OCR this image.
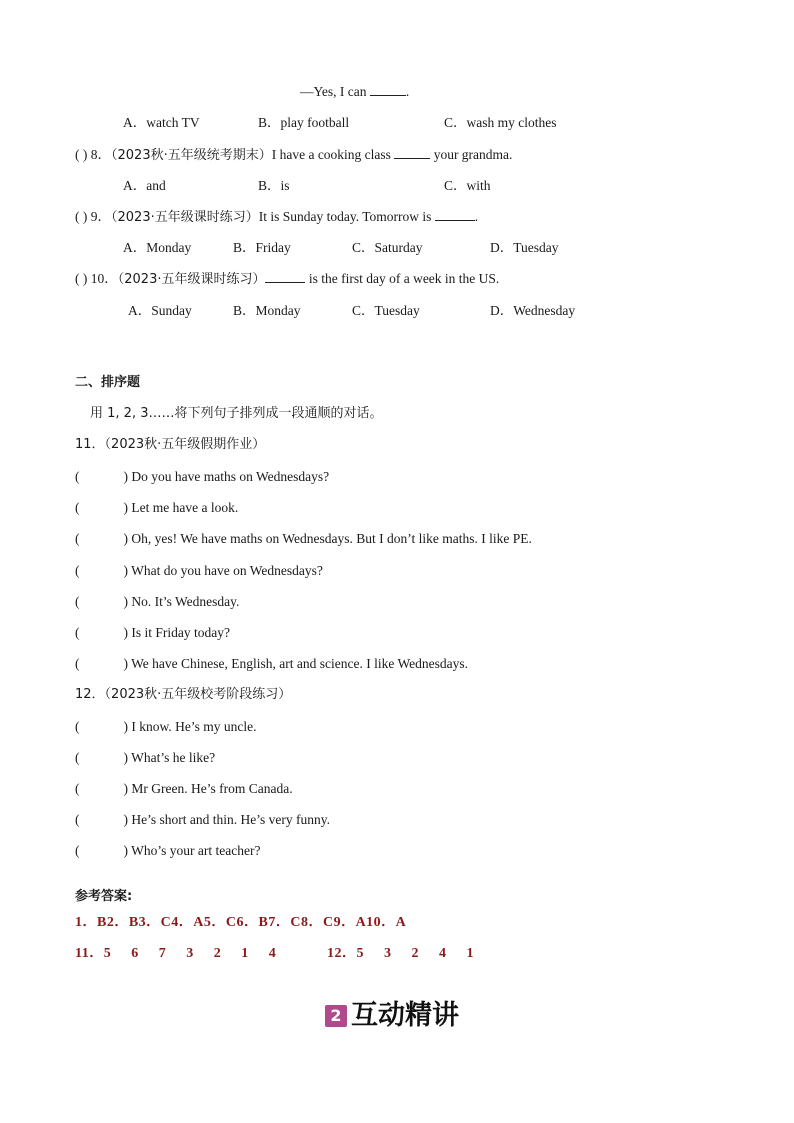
—Yes, I can	.
A．watch TV	B．play football	C．wash my clothes
( ) 8．（2023秋·五年级统考期末）I have a cooking class	your grandma.
A．and	B．is	C．with
( ) 9．（2023·五年级课时练习）It is Sunday today. Tomorrow is	.
A．Monday	B．Friday	C．Saturday	D．Tuesday
( ) 10．（2023·五年级课时练习）	is the first day of a week in the US.
A．Sunday	B．Monday	C．Tuesday	D．Wednesday
二、排序题
用 1, 2, 3……将下列句子排列成一段通顺的对话。
11．（2023秋·五年级假期作业）
(	) Do you have maths on Wednesdays?
(	) Let me have a look.
(	) Oh, yes! We have maths on Wednesdays. But I don’t like maths. I like PE.
(	) What do you have on Wednesdays?
(	) No. It’s Wednesday.
(	) Is it Friday today?
(	) We have Chinese, English, art and science. I like Wednesdays.
12．（2023秋·五年级校考阶段练习）
(	) I know. He’s my uncle.
(	) What’s he like?
(	) Mr Green. He’s from Canada.
(	) He’s short and thin. He’s very funny.
(	) Who’s your art teacher?
参考答案:
1．B2．B3．C4．A5．C6．B7．C8．C9．A10．A
11．5     6     7     3     2     1     4	12．5     3     2     4     1
2 互动精讲
